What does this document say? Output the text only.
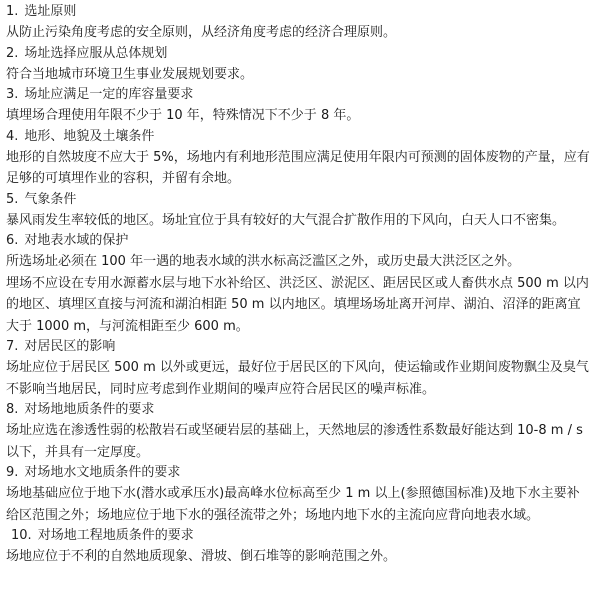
1. 选址原则

从防止污染角度考虑的安全原则，从经济角度考虑的经济合理原则。

2. 场址选择应服从总体规划

符合当地城市环境卫生事业发展规划要求。

3. 场址应满足一定的库容量要求

填埋场合理使用年限不少于 10 年，特殊情况下不少于 8 年。

4. 地形、地貌及土壤条件

地形的自然坡度不应大于 5%，场地内有利地形范围应满足使用年限内可预测的固体废物的产量，应有足够的可填埋作业的容积，并留有余地。

5. 气象条件

暴风雨发生率较低的地区。场址宜位于具有较好的大气混合扩散作用的下风向，白天人口不密集。

6. 对地表水域的保护

所选场址必须在 100 年一遇的地表水域的洪水标高泛滥区之外，或历史最大洪泛区之外。

埋场不应设在专用水源蓄水层与地下水补给区、洪泛区、淤泥区、距居民区或人畜供水点 500 m 以内的地区、填埋区直接与河流和湖泊相距 50 m 以内地区。填埋场场址离开河岸、湖泊、沼泽的距离宜大于 1000 m，与河流相距至少 600 m。

7. 对居民区的影响

场址应位于居民区 500 m 以外或更远，最好位于居民区的下风向，使运输或作业期间废物飘尘及臭气不影响当地居民，同时应考虑到作业期间的噪声应符合居民区的噪声标准。

8. 对场地地质条件的要求

场址应选在渗透性弱的松散岩石或坚硬岩层的基础上，天然地层的渗透性系数最好能达到 10-8 m / s 以下，并具有一定厚度。

9. 对场地水文地质条件的要求

场地基础应位于地下水(潜水或承压水)最高峰水位标高至少 1 m 以上(参照德国标准)及地下水主要补给区范围之外；场地应位于地下水的强径流带之外；场地内地下水的主流向应背向地表水域。

10. 对场地工程地质条件的要求

场地应位于不利的自然地质现象、滑坡、倒石堆等的影响范围之外。
